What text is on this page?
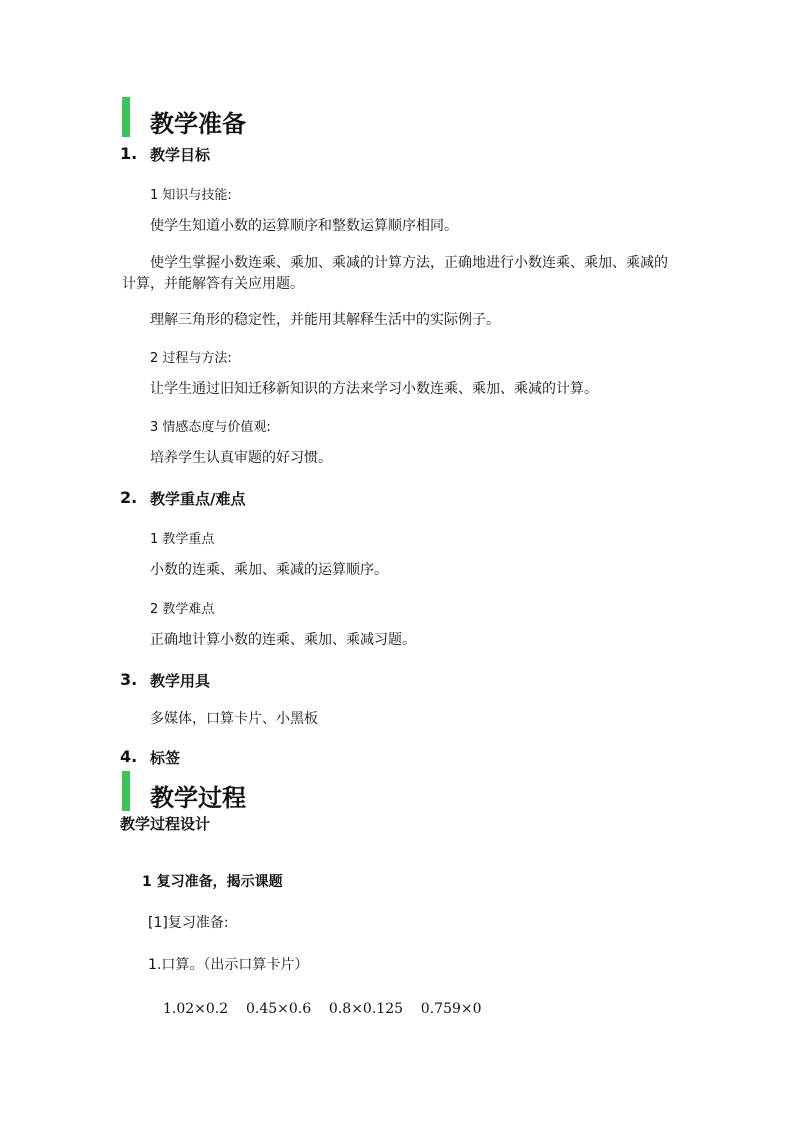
教学准备
1. 教学目标
1 知识与技能:
使学生知道小数的运算顺序和整数运算顺序相同。
使学生掌握小数连乘、乘加、乘减的计算方法，正确地进行小数连乘、乘加、乘减的
计算，并能解答有关应用题。
理解三角形的稳定性，并能用其解释生活中的实际例子。
2 过程与方法:
让学生通过旧知迁移新知识的方法来学习小数连乘、乘加、乘减的计算。
3 情感态度与价值观:
培养学生认真审题的好习惯。
2. 教学重点/难点
1 教学重点
小数的连乘、乘加、乘减的运算顺序。
2 教学难点
正确地计算小数的连乘、乘加、乘减习题。
3. 教学用具
多媒体，口算卡片、小黑板
4. 标签
教学过程
教学过程设计
1 复习准备，揭示课题
[1]复习准备:
1.口算。（出示口算卡片）
1.02×0.2    0.45×0.6    0.8×0.125    0.759×0
